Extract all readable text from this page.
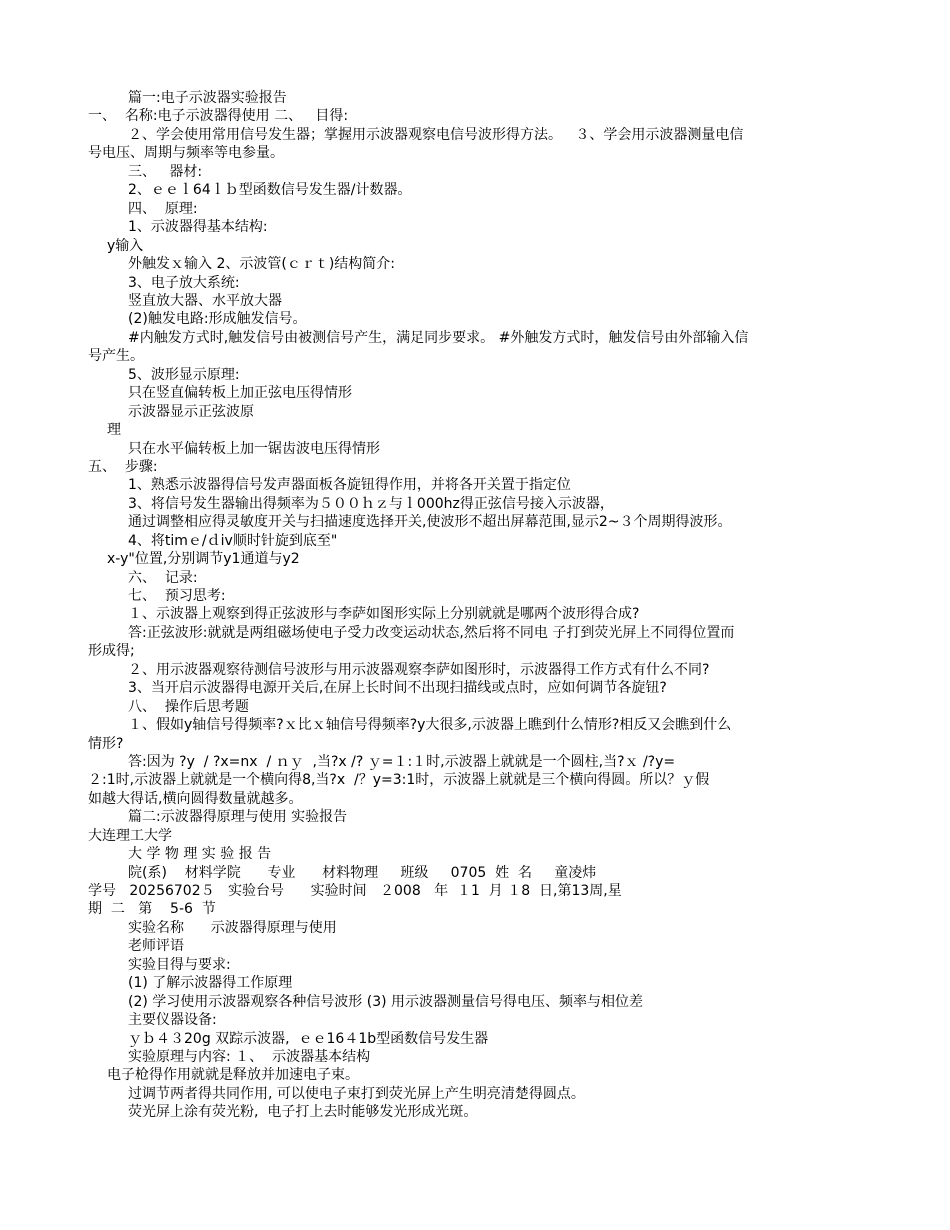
篇一:电子示波器实验报告
一、  名称:电子示波器得使用 二、   目得:
２、学会使用常用信号发生器；掌握用示波器观察电信号波形得方法。   ３、学会用示波器测量电信
号电压、周期与频率等电参量。
三、   器材:
2、ｅｅｌ64ｌｂ型函数信号发生器/计数器。
四、  原理:
1、示波器得基本结构:
y输入
外触发ｘ输入 2、示波管(ｃｒｔ)结构简介:
3、电子放大系统:
竖直放大器、水平放大器
(2)触发电路:形成触发信号。
#内触发方式时,触发信号由被测信号产生，满足同步要求。 #外触发方式时，触发信号由外部输入信
号产生。
5、波形显示原理:
只在竖直偏转板上加正弦电压得情形
示波器显示正弦波原
理
只在水平偏转板上加一锯齿波电压得情形
五、  步骤:
1、熟悉示波器得信号发声器面板各旋钮得作用，并将各开关置于指定位
3、将信号发生器输出得频率为５００ｈｚ与ｌ000hz得正弦信号接入示波器，
通过调整相应得灵敏度开关与扫描速度选择开关,使波形不超出屏幕范围,显示2~３个周期得波形。
4、将timｅ/ｄiv顺时针旋到底至"
x-y"位置,分别调节y1通道与y2
六、  记录:
七、  预习思考:
１、示波器上观察到得正弦波形与李萨如图形实际上分别就就是哪两个波形得合成?
答:正弦波形:就就是两组磁场使电子受力改变运动状态,然后将不同电 子打到荧光屏上不同得位置而
形成得;
２、用示波器观察待测信号波形与用示波器观察李萨如图形时，示波器得工作方式有什么不同?
3、当开启示波器得电源开关后,在屏上长时间不出现扫描线或点时，应如何调节各旋钮?
八、  操作后思考题
１、假如y轴信号得频率?ｘ比ｘ轴信号得频率?y大很多,示波器上瞧到什么情形?相反又会瞧到什么
情形?
答:因为 ?y  / ?x=nx  / ｎｙ  ,当?x /? ｙ=１:１时,示波器上就就是一个圆柱,当?ｘ /?y=
２:1时,示波器上就就是一个横向得8,当?x  /？y=3:1时，示波器上就就是三个横向得圆。所以？ｙ假
如越大得话,横向圆得数量就越多。
篇二:示波器得原理与使用 实验报告
大连理工大学
大 学 物 理 实 验 报 告
院(系)    材料学院      专业      材料物理     班级     0705  姓  名     童凌炜
学号   20256702５   实验台号      实验时间   ２008   年  １1  月 １8  日,第13周,星
期  二   第    5-6  节
实验名称      示波器得原理与使用
老师评语
实验目得与要求:
(1) 了解示波器得工作原理
(2) 学习使用示波器观察各种信号波形 (3) 用示波器测量信号得电压、频率与相位差
主要仪器设备:
ｙｂ４３20g 双踪示波器,  ｅｅ16４1b型函数信号发生器
实验原理与内容: １、  示波器基本结构
电子枪得作用就就是释放并加速电子束。
过调节两者得共同作用, 可以使电子束打到荧光屏上产生明亮清楚得圆点。
荧光屏上涂有荧光粉,  电子打上去时能够发光形成光斑。
